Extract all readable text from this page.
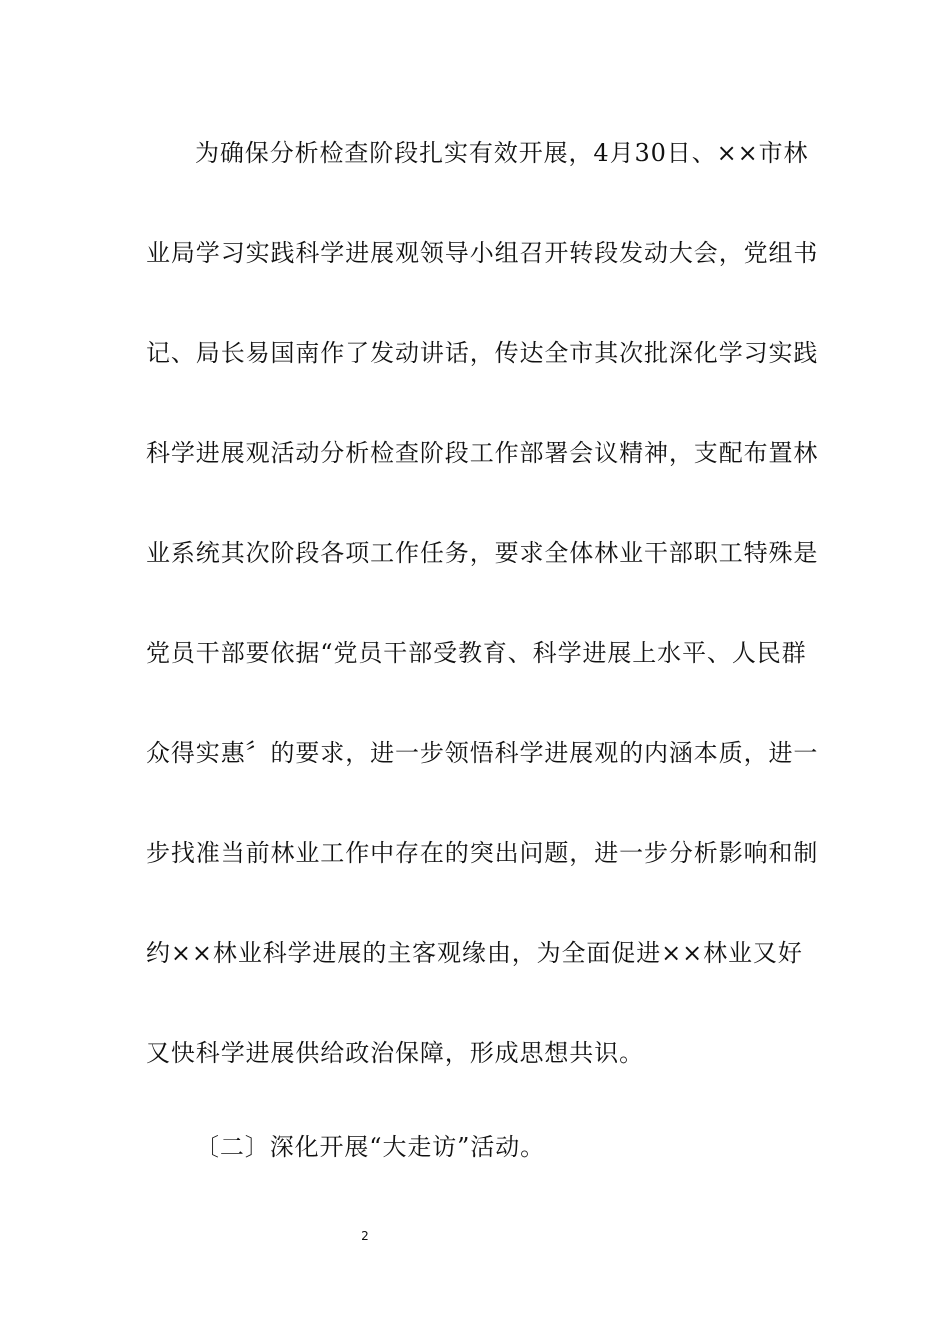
为确保分析检查阶段扎实有效开展，4月30日、××市林

业局学习实践科学进展观领导小组召开转段发动大会，党组书

记、局长易国南作了发动讲话，传达全市其次批深化学习实践

科学进展观活动分析检查阶段工作部署会议精神，支配布置林

业系统其次阶段各项工作任务，要求全体林业干部职工特殊是

党员干部要依据“党员干部受教育、科学进展上水平、人民群

众得实惠〞的要求，进一步领悟科学进展观的内涵本质，进一

步找准当前林业工作中存在的突出问题，进一步分析影响和制

约××林业科学进展的主客观缘由，为全面促进××林业又好

又快科学进展供给政治保障，形成思想共识。

〔二〕深化开展“大走访”活动。

2
